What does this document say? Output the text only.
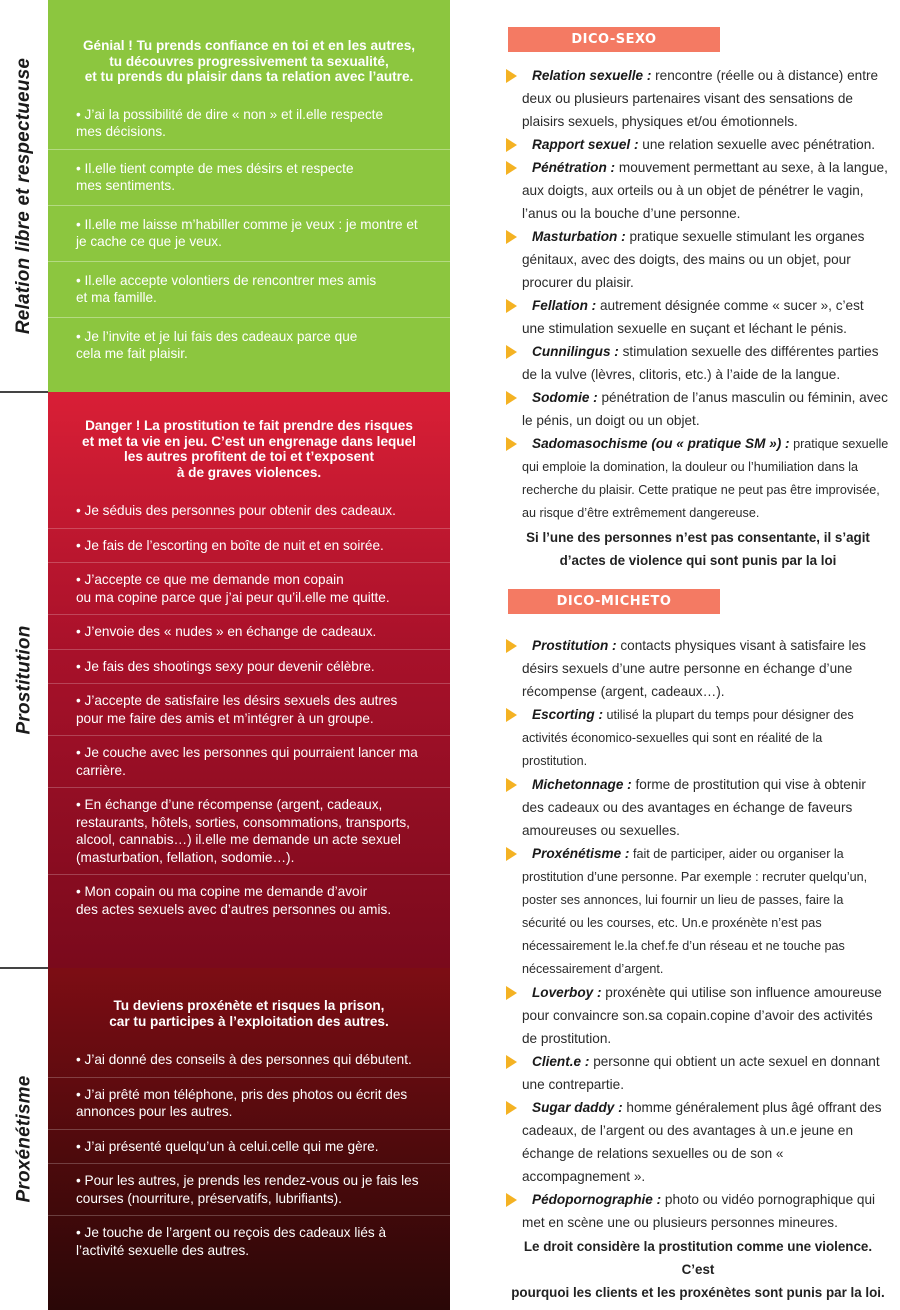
Relation libre et respectueuse
Prostitution
Proxénétisme
Génial ! Tu prends confiance en toi et en les autres,
tu découvres progressivement ta sexualité,
et tu prends du plaisir dans ta relation avec l’autre.
• J’ai la possibilité de dire « non » et il.elle respecte
mes décisions.
• Il.elle tient compte de mes désirs et respecte
mes sentiments.
• Il.elle me laisse m’habiller comme je veux : je montre et
je cache ce que je veux.
• Il.elle accepte volontiers de rencontrer mes amis
et ma famille.
• Je l’invite et je lui fais des cadeaux parce que
cela me fait plaisir.
Danger ! La prostitution te fait prendre des risques
et met ta vie en jeu. C’est un engrenage dans lequel
les autres profitent de toi et t’exposent
à de graves violences.
• Je séduis des personnes pour obtenir des cadeaux.
• Je fais de l’escorting en boîte de nuit et en soirée.
• J’accepte ce que me demande mon copain
ou ma copine parce que j’ai peur qu’il.elle me quitte.
• J’envoie des « nudes » en échange de cadeaux.
• Je fais des shootings sexy pour devenir célèbre.
• J’accepte de satisfaire les désirs sexuels des autres
pour me faire des amis et m’intégrer à un groupe.
• Je couche avec les personnes qui pourraient lancer ma
carrière.
• En échange d’une récompense (argent, cadeaux,
restaurants, hôtels, sorties, consommations, transports,
alcool, cannabis…) il.elle me demande un acte sexuel
(masturbation, fellation, sodomie…).
• Mon copain ou ma copine me demande d’avoir
des actes sexuels avec d’autres personnes ou amis.
Tu deviens proxénète et risques la prison,
car tu participes à l’exploitation des autres.
• J’ai donné des conseils à des personnes qui débutent.
• J’ai prêté mon téléphone, pris des photos ou écrit des
annonces pour les autres.
• J’ai présenté quelqu’un à celui.celle qui me gère.
• Pour les autres, je prends les rendez-vous ou je fais les
courses (nourriture, préservatifs, lubrifiants).
• Je touche de l’argent ou reçois des cadeaux liés à
l’activité sexuelle des autres.
DICO-SEXO
Relation sexuelle : rencontre (réelle ou à distance) entre deux ou plusieurs partenaires visant des sensations de plaisirs sexuels, physiques et/ou émotionnels.
Rapport sexuel : une relation sexuelle avec pénétration.
Pénétration : mouvement permettant au sexe, à la langue, aux doigts, aux orteils ou à un objet de pénétrer le vagin, l’anus ou la bouche d’une personne.
Masturbation : pratique sexuelle stimulant les organes génitaux, avec des doigts, des mains ou un objet, pour procurer du plaisir.
Fellation : autrement désignée comme « sucer », c’est une stimulation sexuelle en suçant et léchant le pénis.
Cunnilingus : stimulation sexuelle des différentes parties de la vulve (lèvres, clitoris, etc.) à l’aide de la langue.
Sodomie : pénétration de l’anus masculin ou féminin, avec le pénis, un doigt ou un objet.
Sadomasochisme (ou « pratique SM ») : pratique sexuelle qui emploie la domination, la douleur ou l’humiliation dans la recherche du plaisir. Cette pratique ne peut pas être improvisée, au risque d’être extrêmement dangereuse.
Si l’une des personnes n’est pas consentante, il s’agit
d’actes de violence qui sont punis par la loi
DICO-MICHETO
Prostitution : contacts physiques visant à satisfaire les désirs sexuels d’une autre personne en échange d’une récompense (argent, cadeaux…).
Escorting : utilisé la plupart du temps pour désigner des activités économico-sexuelles qui sont en réalité de la prostitution.
Michetonnage : forme de prostitution qui vise à obtenir des cadeaux ou des avantages en échange de faveurs amoureuses ou sexuelles.
Proxénétisme : fait de participer, aider ou organiser la prostitution d’une personne. Par exemple : recruter quelqu’un, poster ses annonces, lui fournir un lieu de passes, faire la sécurité ou les courses, etc. Un.e proxénète n’est pas nécessairement le.la chef.fe d’un réseau et ne touche pas nécessairement d’argent.
Loverboy : proxénète qui utilise son influence amoureuse pour convaincre son.sa copain.copine d’avoir des activités de prostitution.
Client.e : personne qui obtient un acte sexuel en donnant une contrepartie.
Sugar daddy : homme généralement plus âgé offrant des cadeaux, de l’argent ou des avantages à un.e jeune en échange de relations sexuelles ou de son « accompagnement ».
Pédopornographie : photo ou vidéo pornographique qui met en scène une ou plusieurs personnes mineures.
Le droit considère la prostitution comme une violence. C’est
pourquoi les clients et les proxénètes sont punis par la loi.
